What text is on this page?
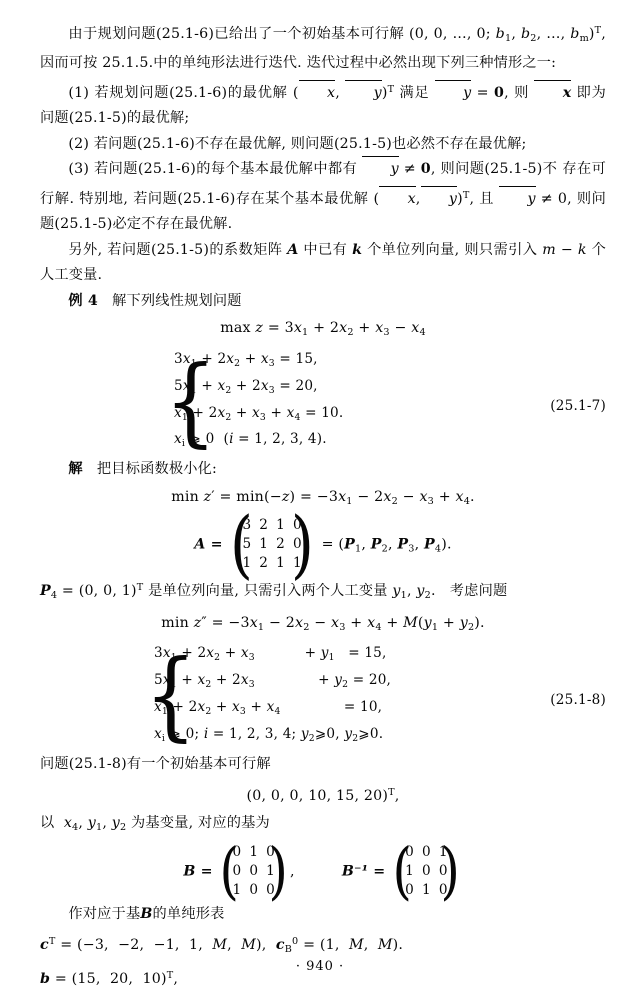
由于规划问题(25.1-6)已给出了一个初始基本可行解 (0, 0, …, 0; $b_1$, $b_2$, …, $b_m)^T$, 因而可按 25.1.5.中的单纯形法进行迭代. 迭代过程中必然出现下列三种情形之一:

(1) 若规划问题(25.1-6)的最优解 ( x, y)$^T$ 满足 y = 0, 则 x 即为问题(25.1-5)的最优解;

(2) 若问题(25.1-6)不存在最优解, 则问题(25.1-5)也必然不存在最优解;

(3) 若问题(25.1-6)的每个基本最优解中都有 y ≠ 0, 则问题(25.1-5)不 存在可行解. 特别地, 若问题(25.1-6)存在某个基本最优解 ( x, y)$^T$, 且 y ≠ 0, 则问题(25.1-5)必定不存在最优解.

另外, 若问题(25.1-5)的系数矩阵 A 中已有 k 个单位列向量, 则只需引入 m − k 个人工变量.

例 4 解下列线性规划问题

$\max z = 3x_1 + 2x_2 + x_3 - x_4$
{
$3x_1 + 2x_2 + x_3 = 15$,
$5x_1 + x_2 + 2x_3 = 20$,
$x_1 + 2x_2 + x_3 + x_4 = 10$.
$x_i$ ⩾ 0  (i = 1, 2, 3, 4).
(25.1-7)

解 把目标函数极小化:

$\min z' = \min(-z) = -3x_1 - 2x_2 - x_3 + x_4$.
A =
(
3	2	1	0
5	1	2	0
1	2	1	1
)
= ($P_1$, $P_2$, $P_3$, $P_4$).

$P_4 = (0$, 0, 1)$^T$ 是单位列向量, 只需引入两个人工变量 $y_1$, $y_2$.   考虑问题

$\min z'' = -3x_1 - 2x_2 - x_3 + x_4 + M(y_1 + y_2)$.
{
$3x_1 + 2x_2 + x_3$           + $y_1 = 15$,
$5x_1 + x_2 + 2x_3$              + $y_2 = 20$,
$x_1 + 2x_2 + x_3 + x_4$              = 10,
$x_i$ ⩾ 0; i = 1, 2, 3, 4; $y_2⩾0$, $y_2⩾0$.
(25.1-8)

问题(25.1-8)有一个初始基本可行解

(0, 0, 0, 10, 15, 20)$^T$,

以  $x_4$, $y_1$, $y_2$ 为基变量, 对应的基为

B =
(
0	1	0
0	0	1
1	0	0
)
,	B⁻¹ =
(
0	0	1
1	0	0
0	1	0
)

作对应于基B的单纯形表

$c^T = (-3$,  −2,  −1,  1,  M,  M),  $c_B^0 = (1$,  M,  M).
b = (15,  20,  10)$^T$,
· 940 ·
